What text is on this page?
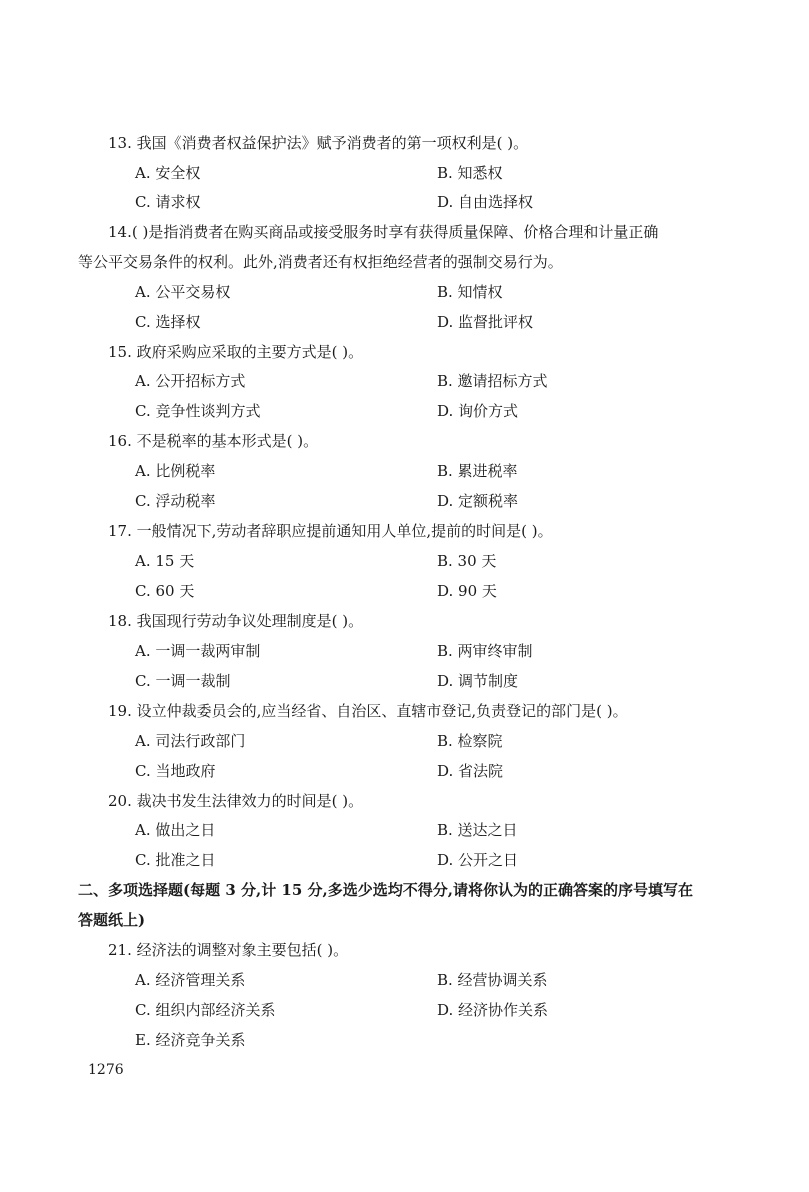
13. 我国《消费者权益保护法》赋予消费者的第一项权利是( )。
A. 安全权	B. 知悉权
C. 请求权	D. 自由选择权
14.( )是指消费者在购买商品或接受服务时享有获得质量保障、价格合理和计量正确
等公平交易条件的权利。此外,消费者还有权拒绝经营者的强制交易行为。
A. 公平交易权	B. 知情权
C. 选择权	D. 监督批评权
15. 政府采购应采取的主要方式是( )。
A. 公开招标方式	B. 邀请招标方式
C. 竞争性谈判方式	D. 询价方式
16. 不是税率的基本形式是( )。
A. 比例税率	B. 累进税率
C. 浮动税率	D. 定额税率
17. 一般情况下,劳动者辞职应提前通知用人单位,提前的时间是( )。
A. 15 天	B. 30 天
C. 60 天	D. 90 天
18. 我国现行劳动争议处理制度是( )。
A. 一调一裁两审制	B. 两审终审制
C. 一调一裁制	D. 调节制度
19. 设立仲裁委员会的,应当经省、自治区、直辖市登记,负责登记的部门是( )。
A. 司法行政部门	B. 检察院
C. 当地政府	D. 省法院
20. 裁决书发生法律效力的时间是( )。
A. 做出之日	B. 送达之日
C. 批准之日	D. 公开之日
二、多项选择题(每题 3 分,计 15 分,多选少选均不得分,请将你认为的正确答案的序号填写在
答题纸上)
21. 经济法的调整对象主要包括( )。
A. 经济管理关系	B. 经营协调关系
C. 组织内部经济关系	D. 经济协作关系
E. 经济竞争关系
1276
